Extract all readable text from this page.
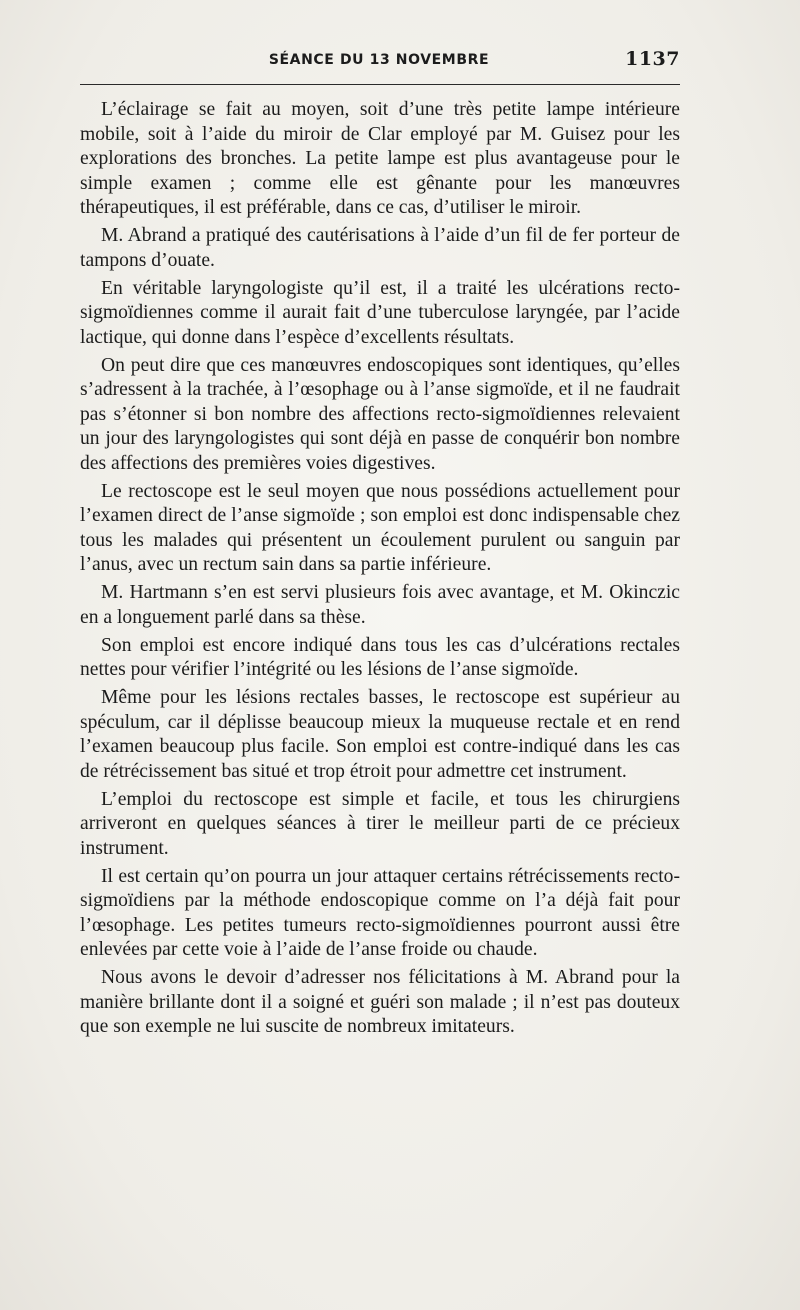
SÉANCE DU 13 NOVEMBRE	1137

L’éclairage se fait au moyen, soit d’une très petite lampe intérieure mobile, soit à l’aide du miroir de Clar employé par M. Guisez pour les explorations des bronches. La petite lampe est plus avantageuse pour le simple examen ; comme elle est gênante pour les manœuvres thérapeutiques, il est préférable, dans ce cas, d’utiliser le miroir.

M. Abrand a pratiqué des cautérisations à l’aide d’un fil de fer porteur de tampons d’ouate.

En véritable laryngologiste qu’il est, il a traité les ulcérations recto-sigmoïdiennes comme il aurait fait d’une tuberculose laryngée, par l’acide lactique, qui donne dans l’espèce d’excellents résultats.

On peut dire que ces manœuvres endoscopiques sont identiques, qu’elles s’adressent à la trachée, à l’œsophage ou à l’anse sigmoïde, et il ne faudrait pas s’étonner si bon nombre des affections recto-sigmoïdiennes relevaient un jour des laryngologistes qui sont déjà en passe de conquérir bon nombre des affections des premières voies digestives.

Le rectoscope est le seul moyen que nous possédions actuellement pour l’examen direct de l’anse sigmoïde ; son emploi est donc indispensable chez tous les malades qui présentent un écoulement purulent ou sanguin par l’anus, avec un rectum sain dans sa partie inférieure.

M. Hartmann s’en est servi plusieurs fois avec avantage, et M. Okinczic en a longuement parlé dans sa thèse.

Son emploi est encore indiqué dans tous les cas d’ulcérations rectales nettes pour vérifier l’intégrité ou les lésions de l’anse sigmoïde.

Même pour les lésions rectales basses, le rectoscope est supérieur au spéculum, car il déplisse beaucoup mieux la muqueuse rectale et en rend l’examen beaucoup plus facile. Son emploi est contre-indiqué dans les cas de rétrécissement bas situé et trop étroit pour admettre cet instrument.

L’emploi du rectoscope est simple et facile, et tous les chirurgiens arriveront en quelques séances à tirer le meilleur parti de ce précieux instrument.

Il est certain qu’on pourra un jour attaquer certains rétrécissements recto-sigmoïdiens par la méthode endoscopique comme on l’a déjà fait pour l’œsophage. Les petites tumeurs recto-sigmoïdiennes pourront aussi être enlevées par cette voie à l’aide de l’anse froide ou chaude.

Nous avons le devoir d’adresser nos félicitations à M. Abrand pour la manière brillante dont il a soigné et guéri son malade ; il n’est pas douteux que son exemple ne lui suscite de nombreux imitateurs.
